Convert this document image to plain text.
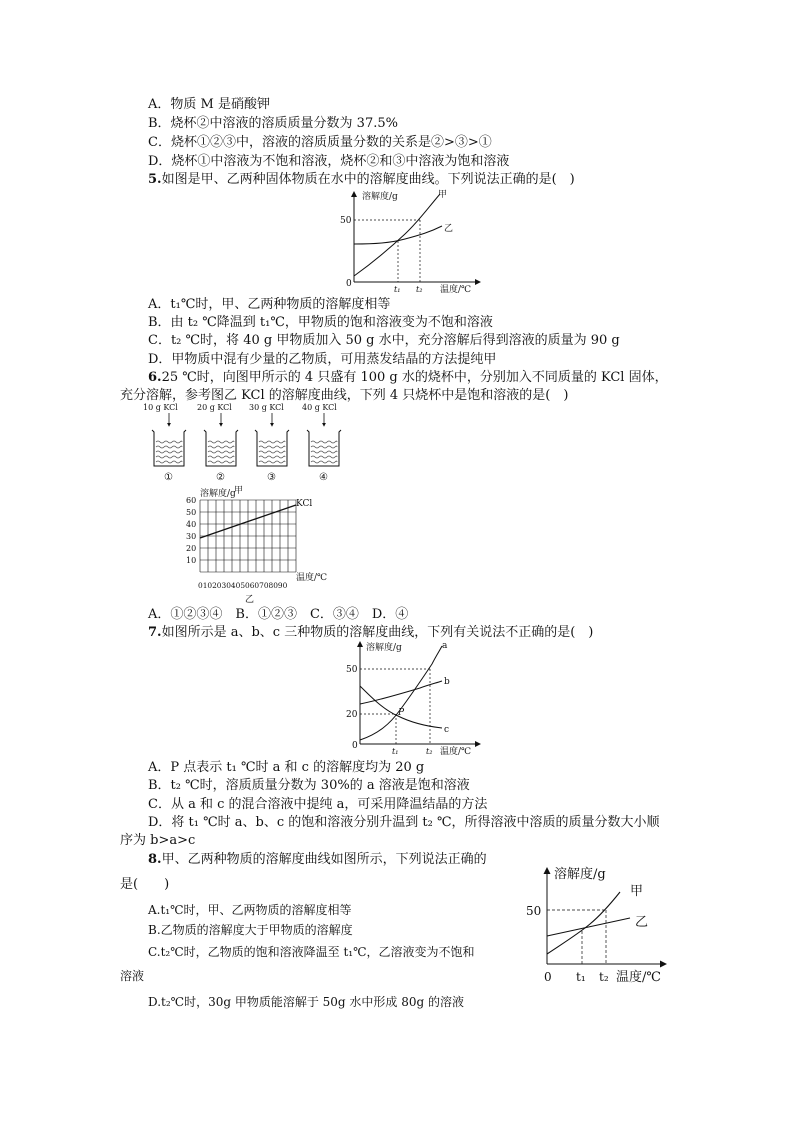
A．物质 M 是硝酸钾
B．烧杯②中溶液的溶质质量分数为 37.5%
C．烧杯①②③中，溶液的溶质质量分数的关系是②>③>①
D．烧杯①中溶液为不饱和溶液，烧杯②和③中溶液为饱和溶液
5.如图是甲、乙两种固体物质在水中的溶解度曲线。下列说法正确的是(　)
溶解度/g
50
0
甲
乙
t₁ t₂ 温度/℃
A．t₁℃时，甲、乙两种物质的溶解度相等
B．由 t₂ ℃降温到 t₁℃，甲物质的饱和溶液变为不饱和溶液
C．t₂ ℃时，将 40 g 甲物质加入 50 g 水中，充分溶解后得到溶液的质量为 90 g
D．甲物质中混有少量的乙物质，可用蒸发结晶的方法提纯甲
6.25 ℃时，向图甲所示的 4 只盛有 100 g 水的烧杯中，分别加入不同质量的 KCl 固体，
充分溶解，参考图乙 KCl 的溶解度曲线，下列 4 只烧杯中是饱和溶液的是(　)
10 g KCl
①
20 g KCl
②
30 g KCl
③
40 g KCl
④
溶解度/g
甲
60
50
40
30
20
10
KCl
温度/℃
0102030405060708090
乙
A．①②③④　B．①②③　C．③④　D．④
7.如图所示是 a、b、c 三种物质的溶解度曲线，下列有关说法不正确的是(　)
溶解度/g
50
20
0
P
a
b
c
t₁	t₂ 温度/℃
A．P 点表示 t₁ ℃时 a 和 c 的溶解度均为 20 g
B．t₂ ℃时，溶质质量分数为 30%的 a 溶液是饱和溶液
C．从 a 和 c 的混合溶液中提纯 a，可采用降温结晶的方法
D．将 t₁ ℃时 a、b、c 的饱和溶液分别升温到 t₂ ℃，所得溶液中溶质的质量分数大小顺
序为 b>a>c
8.甲、乙两种物质的溶解度曲线如图所示，下列说法正确的
是(　　)
A.t₁℃时，甲、乙两物质的溶解度相等
B.乙物质的溶解度大于甲物质的溶解度
C.t₂℃时，乙物质的饱和溶液降温至 t₁℃，乙溶液变为不饱和
溶液
D.t₂℃时，30g 甲物质能溶解于 50g 水中形成 80g 的溶液
溶解度/g
50
0
甲
乙
t₁ t₂ 温度/℃
